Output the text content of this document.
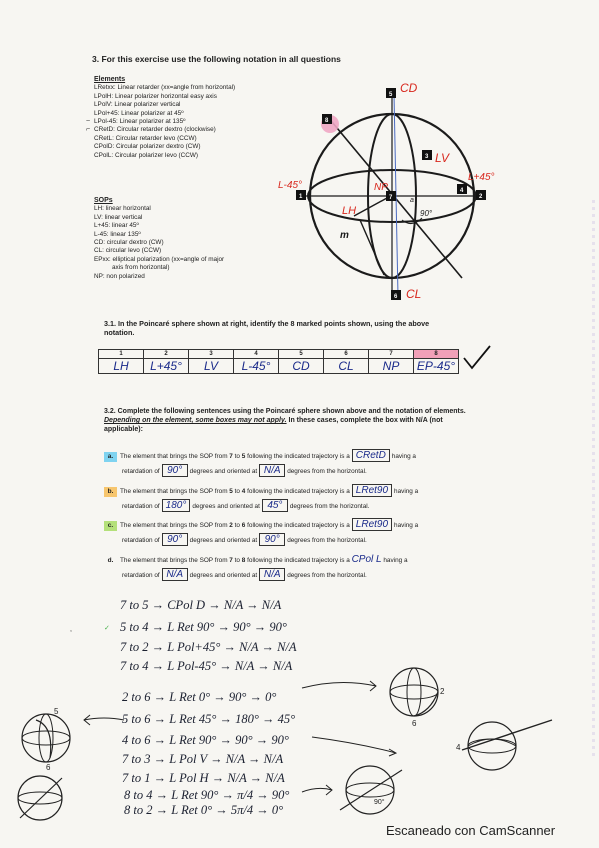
3. For this exercise use the following notation in all questions
Elements
LRetxx: Linear retarder (xx=angle from horizontal)
LPolH: Linear polarizer horizontal easy axis
LPolV: Linear polarizer vertical
LPol+45: Linear polarizer at 45º
LPol-45: Linear polarizer at 135º
CRetD: Circular retarder dextro (clockwise)
CRetL: Circular retarder levo (CCW)
CPolD: Circular polarizer dextro (CW)
CPolL: Circular polarizer levo (CCW)
~
⌐
SOPs
LH: linear horizontal
LV: linear vertical
L+45: linear 45º
L-45: linear 135º
CD: circular dextro (CW)
CL: circular levo (CCW)
EPxx: elliptical polarization (xx=angle of major
axis from horizontal)
NP: non polarized
5
8
3
1	2
7
4
6
CD
CL
LV
L-45°
L+45°
NP
LH
m
a
90°
3.1. In the Poincaré sphere shown at right, identify the 8 marked points shown, using the above notation.
1	2	3	4	5	6	7	8
LH	L+45°	LV	L-45°	CD	CL	NP	EP-45°
3.2. Complete the following sentences using the Poincaré sphere shown above and the notation of elements. Depending on the element, some boxes may not apply. In these cases, complete the box with N/A (not applicable):
a. The element that brings the SOP from 7 to 5 following the indicated trajectory is a CRetD having a
retardation of 90° degrees and oriented at N/A degrees from the horizontal.
b. The element that brings the SOP from 5 to 4 following the indicated trajectory is a LRet90 having a
retardation of 180° degrees and oriented at 45° degrees from the horizontal.
c. The element that brings the SOP from 2 to 6 following the indicated trajectory is a LRet90 having a
retardation of 90° degrees and oriented at 90° degrees from the horizontal.
d. The element that brings the SOP from 7 to 8 following the indicated trajectory is a CPol L having a
retardation of N/A degrees and oriented at N/A degrees from the horizontal.
7 to 5 → CPol D → N/A → N/A
5 to 4 → L Ret 90° → 90° → 90°
7 to 2 → L Pol+45° → N/A → N/A
7 to 4 → L Pol-45° → N/A → N/A
2 to 6 → L Ret 0° → 90° → 0°
5 to 6 → L Ret 45° → 180° → 45°
4 to 6 → L Ret 90° → 90° → 90°
7 to 3 → L Pol V → N/A → N/A
7 to 1 → L Pol H → N/A → N/A
8 to 4 → L Ret 90° → π/4 → 90°
8 to 2 → L Ret 0° → 5π/4 → 0°
✓
,
5
6
2
6
4
90°
Escaneado con CamScanner
